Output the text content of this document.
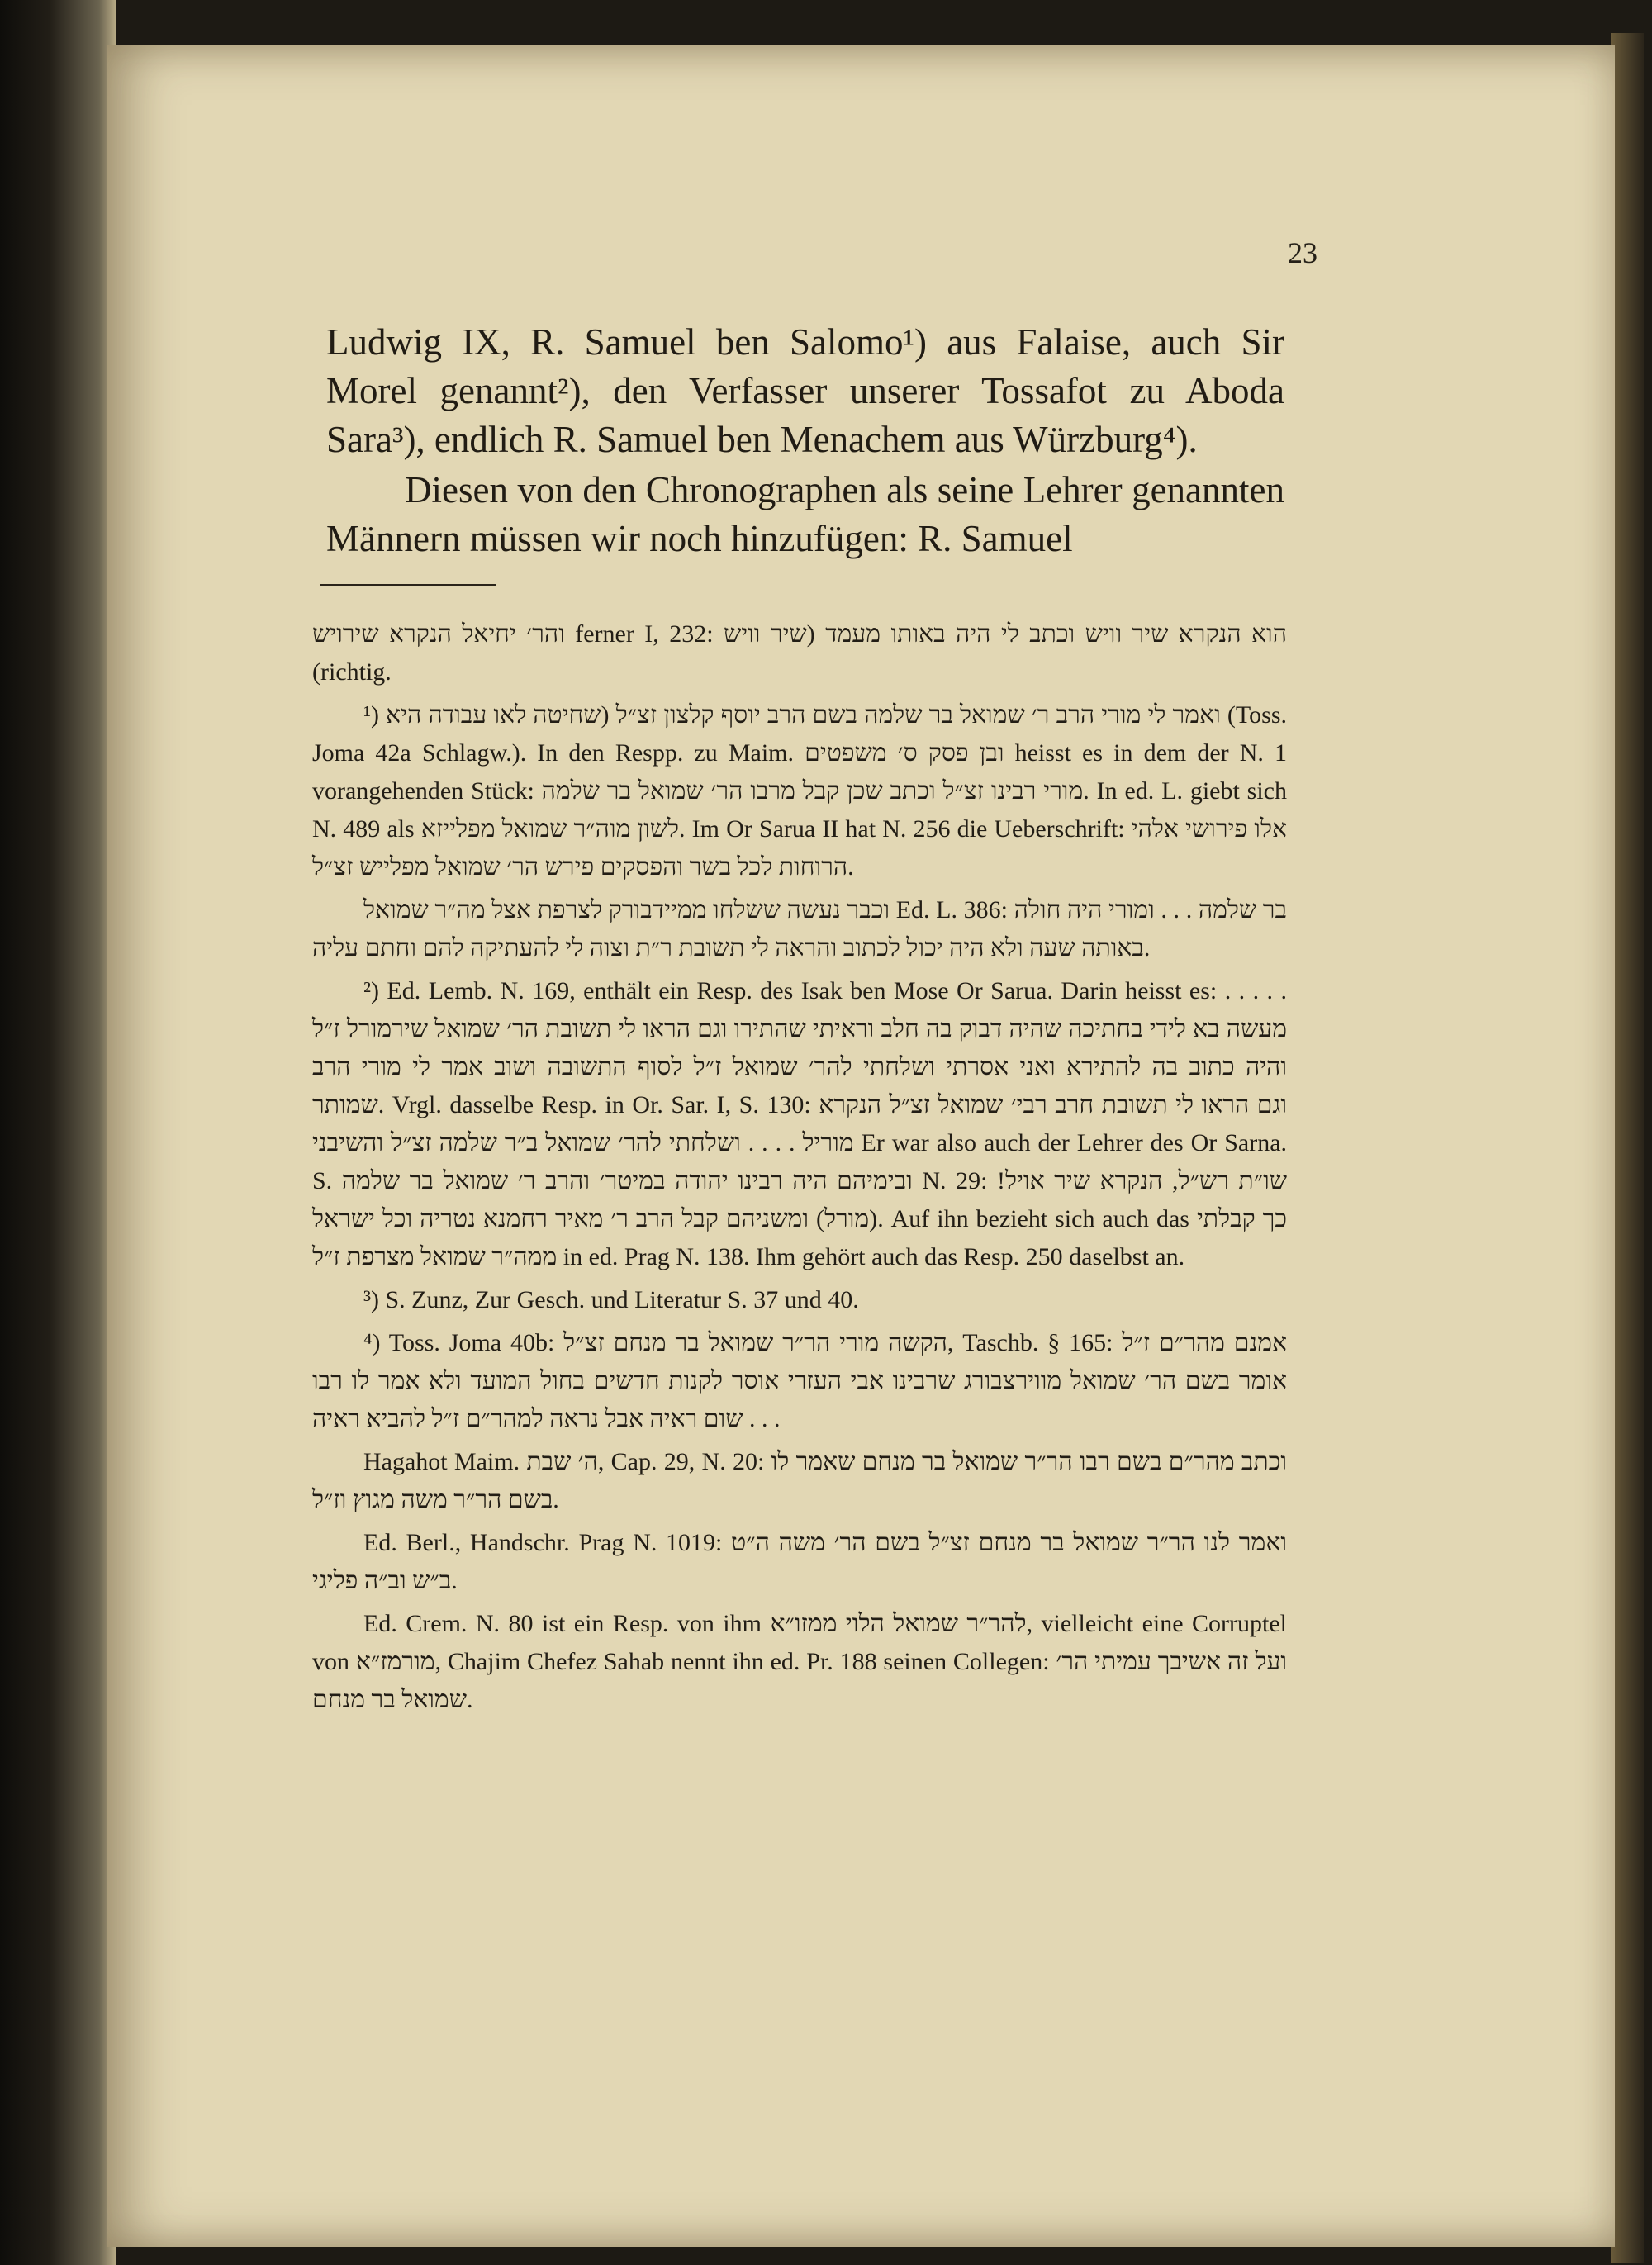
23

Ludwig IX, R. Samuel ben Salomo¹) aus Falaise, auch Sir Morel genannt²), den Verfasser unserer Tossafot zu Aboda Sara³), endlich R. Samuel ben Menachem aus Würzburg⁴).

Diesen von den Chronographen als seine Lehrer genannten Männern müssen wir noch hinzufügen: R. Samuel

והר׳ יחיאל הנקרא שירויש ferner I, 232: הוא הנקרא שיר וויש וכתב לי היה באותו מעמד (שיר וויש (richtig.

¹) ואמר לי מורי הרב ר׳ שמואל בר שלמה בשם הרב יוסף קלצון זצ״ל (שחיטה לאו עבודה היא (Toss. Joma 42a Schlagw.). In den Respp. zu Maim. ובן פסק ס׳ משפטים heisst es in dem der N. 1 vorangehenden Stück: מורי רבינו זצ״ל וכתב שכן קבל מרבו הר׳ שמואל בר שלמה. In ed. L. giebt sich N. 489 als לשון מוה״ר שמואל מפלייזא. Im Or Sarua II hat N. 256 die Ueberschrift: אלו פירושי אלהי הרוחות לכל בשר והפסקים פירש הר׳ שמואל מפלייש זצ״ל.

וכבר נעשה ששלחו ממיידבורק לצרפת אצל מה״ר שמואל Ed. L. 386: בר שלמה . . . ומורי היה חולה באותה שעה ולא היה יכול לכתוב והראה לי תשובת ר״ת וצוה לי להעתיקה להם וחתם עליה.

²) Ed. Lemb. N. 169, enthält ein Resp. des Isak ben Mose Or Sarua. Darin heisst es: . . . . . מעשה בא לידי בחתיכה שהיה דבוק בה חלב וראיתי שהתירו וגם הראו לי תשובת הר׳ שמואל שירמורל ז״ל והיה כתוב בה להתירא ואני אסרתי ושלחתי להר׳ שמואל ז״ל לסוף התשובה ושוב אמר לי מורי הרב שמותר. Vrgl. dasselbe Resp. in Or. Sar. I, S. 130: וגם הראו לי תשובת חרב רבי׳ שמואל זצ״ל הנקרא מוריל . . . . ושלחתי להר׳ שמואל ב״ר שלמה זצ״ל והשיבני Er war also auch der Lehrer des Or Sarna. S. ובימיהם היה רבינו יהודה במיטר׳ והרב ר׳ שמואל בר שלמה N. 29: שו״ת רש״ל, הנקרא שיר אויל! (מורל) ומשניהם קבל הרב ר׳ מאיר רחמנא נטריה וכל ישראל. Auf ihn bezieht sich auch das כך קבלתי ממה״ר שמואל מצרפת ז״ל in ed. Prag N. 138. Ihm gehört auch das Resp. 250 daselbst an.

³) S. Zunz, Zur Gesch. und Literatur S. 37 und 40.

⁴) Toss. Joma 40b: הקשה מורי הר״ר שמואל בר מנחם זצ״ל, Taschb. § 165: אמנם מהר״ם ז״ל אומר בשם הר׳ שמואל מווירצבורג שרבינו אבי העזרי אוסר לקנות חדשים בחול המועד ולא אמר לו רבו שום ראיה אבל נראה למהר״ם ז״ל להביא ראיה . . .

Hagahot Maim. ה׳ שבת, Cap. 29, N. 20: וכתב מהר״ם בשם רבו הר״ר שמואל בר מנחם שאמר לו בשם הר״ר משה מגוץ וז״ל.

Ed. Berl., Handschr. Prag N. 1019: ואמר לנו הר״ר שמואל בר מנחם זצ״ל בשם הר׳ משה ה״ט ב״ש וב״ה פליגי.

Ed. Crem. N. 80 ist ein Resp. von ihm להר״ר שמואל הלוי ממזו״א, vielleicht eine Corruptel von מורמז״א, Chajim Chefez Sahab nennt ihn ed. Pr. 188 seinen Collegen: ועל זה אשיבך עמיתי הר׳ שמואל בר מנחם.
